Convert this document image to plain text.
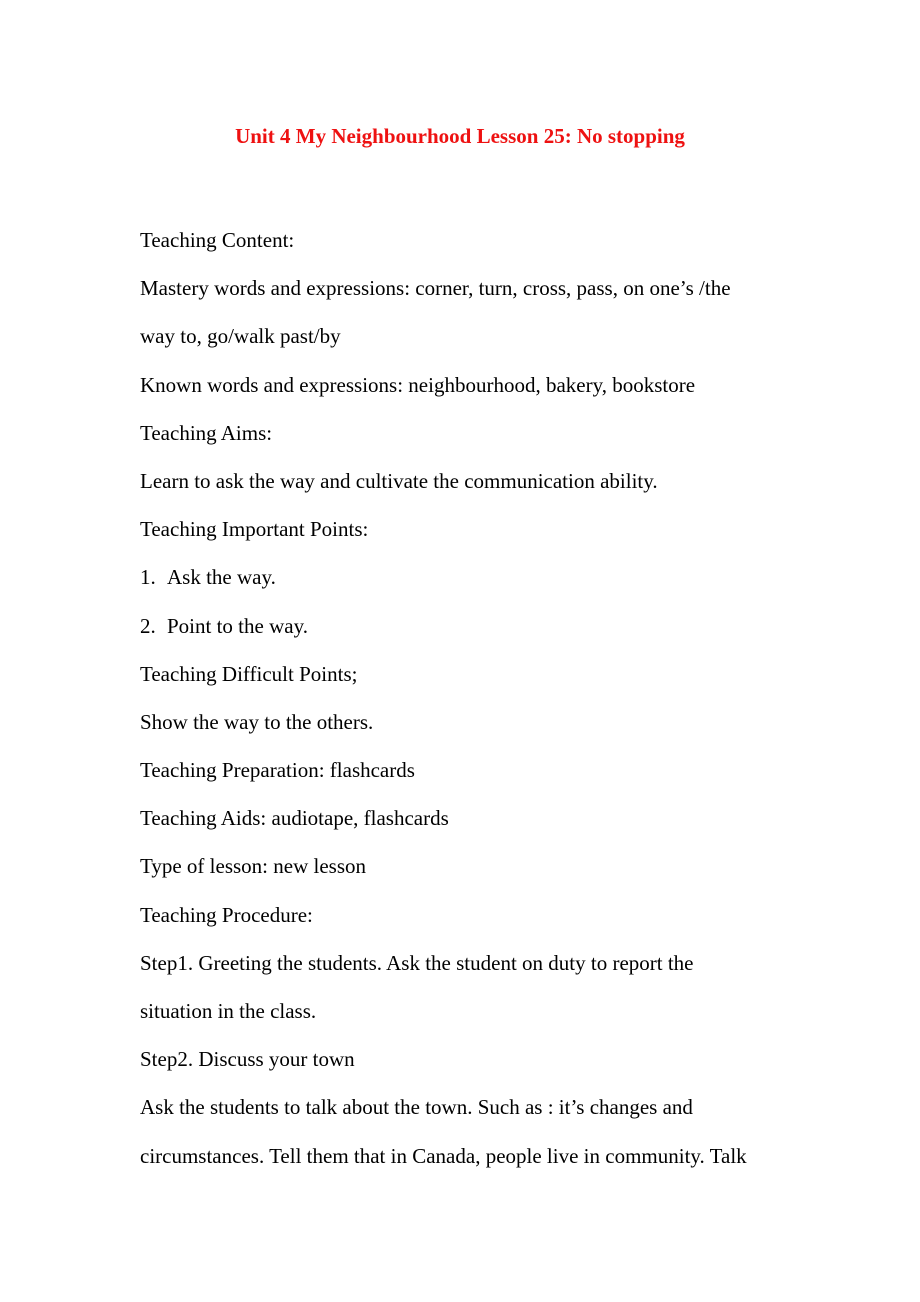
Unit 4 My Neighbourhood Lesson 25: No stopping
Teaching Content:
Mastery words and expressions: corner, turn, cross, pass, on one’s /the
way to, go/walk past/by
Known words and expressions: neighbourhood, bakery, bookstore
Teaching Aims:
Learn to ask the way and cultivate the communication ability.
Teaching Important Points:
1. Ask the way.
2. Point to the way.
Teaching Difficult Points;
Show the way to the others.
Teaching Preparation: flashcards
Teaching Aids: audiotape, flashcards
Type of lesson: new lesson
Teaching Procedure:
Step1. Greeting the students. Ask the student on duty to report the
situation in the class.
Step2. Discuss your town
Ask the students to talk about the town. Such as : it’s changes and
circumstances. Tell them that in Canada, people live in community. Talk
